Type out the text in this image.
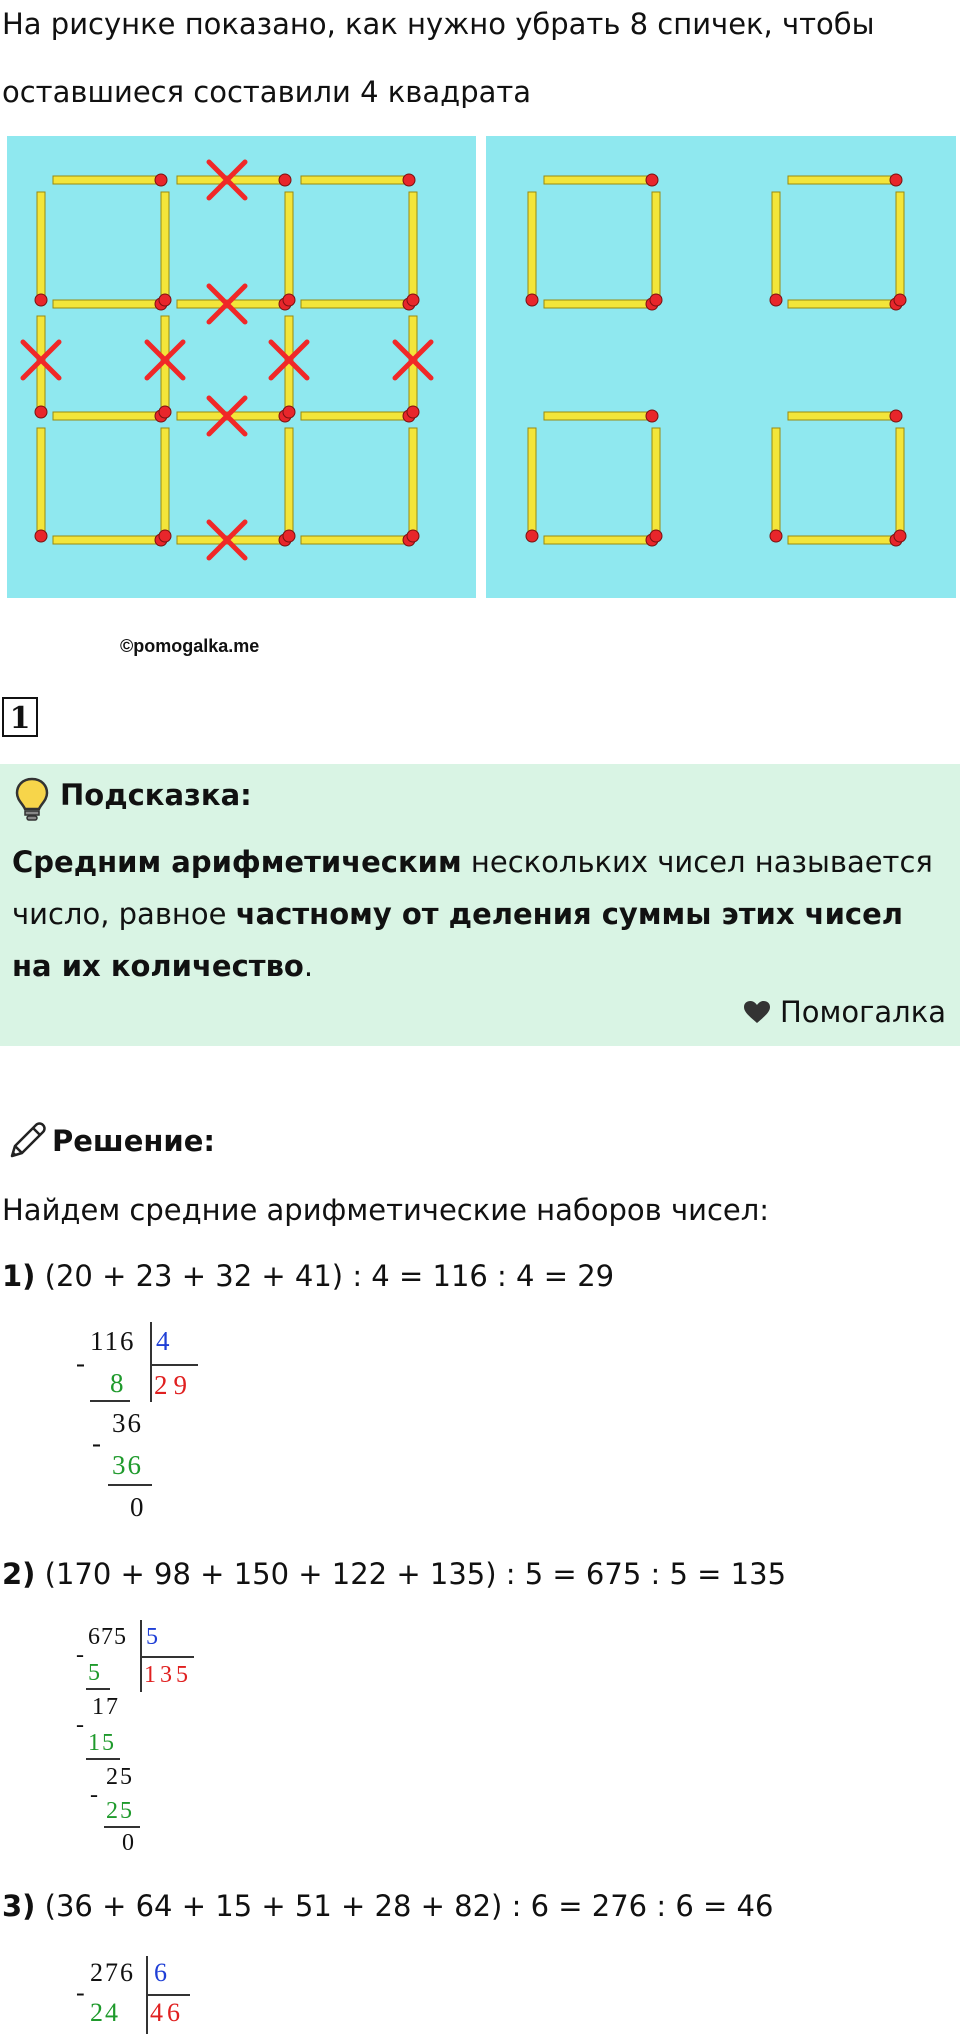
На рисунке показано, как нужно убрать 8 спичек, чтобы

оставшиеся составили 4 квадрата

©pomogalka.me
1
Подсказка:
Средним арифметическим нескольких чисел называется число, равное частному от деления суммы этих чисел на их количество.
Помогалка
Решение:
Найдем средние арифметические наборов чисел:
1) (20 + 23 + 32 + 41) : 4 = 116 : 4 = 29
116 4
29
-
8
36
-
36
0
2) (170 + 98 + 150 + 122 + 135) : 5 = 675 : 5 = 135
675 5
135
-
5
17
-
15
25
-
25
0
3) (36 + 64 + 15 + 51 + 28 + 82) : 6 = 276 : 6 = 46
276 6
46
-
24
